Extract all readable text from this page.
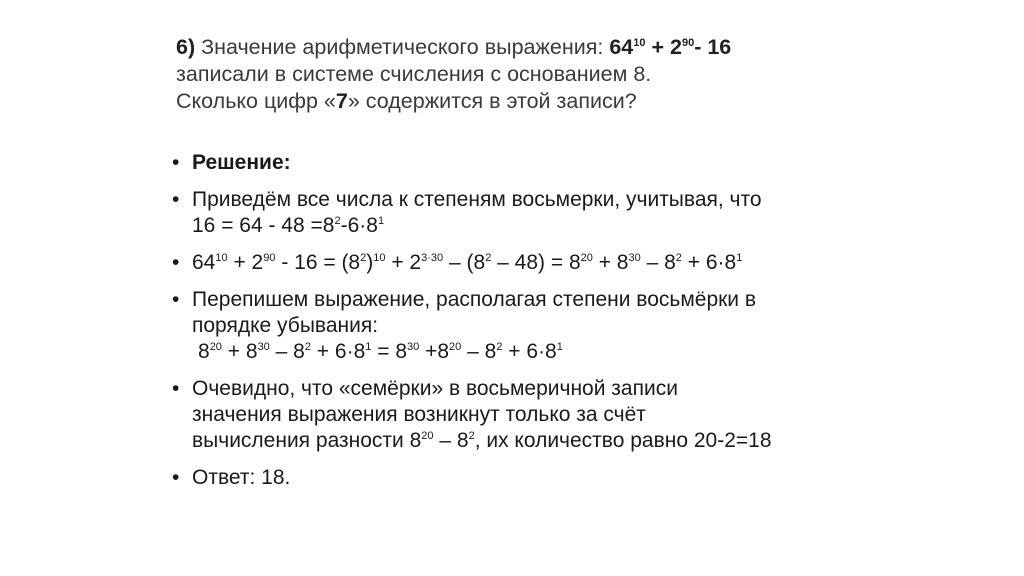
6) Значение арифметического выражения: $64^{10} + 2^{90}-$ 16
записали в системе счисления с основанием 8.
Сколько цифр «7» содержится в этой записи?
• Решение:
• Приведём все числа к степеням восьмерки, учитывая, что
$16 = 64 - 48 =8^2-6\cdot 8^1$
• $64^{10} + 2^{90} - 16 = (8^2)^{10} + 2^{3\cdot 30} - (8^2 - 48) = 8^{20} + 8^{30} - 8^2 + 6\cdot 8^1$
• Перепишем выражение, располагая степени восьмёрки в
порядке убывания:
$8^{20} + 8^{30} - 8^2 + 6\cdot 8^1 = 8^{30} +8^{20} - 8^2 + 6\cdot 8^1$
• Очевидно, что «семёрки» в восьмеричной записи
значения выражения возникнут только за счёт
вычисления разности $8^{20} - 8^2$, их количество равно 20-2=18
• Ответ: 18.
